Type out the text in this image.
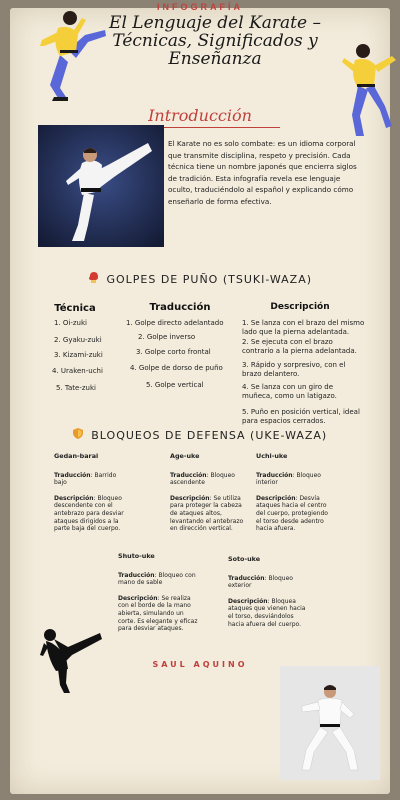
INFOGRAFÍA
El Lenguaje del Karate –
Técnicas, Significados y
Enseñanza
Introducción
El Karate no es solo combate: es un idioma corporal que transmite disciplina, respeto y precisión. Cada técnica tiene un nombre japonés que encierra siglos de tradición. Esta infografía revela ese lenguaje oculto, traduciéndolo al español y explicando cómo enseñarlo de forma efectiva.
GOLPES DE PUÑO (TSUKI-WAZA)
Técnica	Traducción	Descripción
1. Oi-zuki
2. Gyaku-zuki
3. Kizami-zuki
4. Uraken-uchi
5. Tate-zuki
1. Golpe directo adelantado
2. Golpe inverso
3. Golpe corto frontal
4. Golpe de dorso de puño
5. Golpe vertical
1. Se lanza con el brazo del mismo lado que la pierna adelantada.
2. Se ejecuta con el brazo contrario a la pierna adelantada.
3. Rápido y sorpresivo, con el brazo delantero.
4. Se lanza con un giro de muñeca, como un latigazo.
5. Puño en posición vertical, ideal para espacios cerrados.
BLOQUEOS DE DEFENSA (UKE-WAZA)
Gedan-barai

Traducción: Barrido bajo

Descripción: Bloqueo descendente con el antebrazo para desviar ataques dirigidos a la parte baja del cuerpo.

Age-uke

Traducción: Bloqueo ascendente

Descripción: Se utiliza para proteger la cabeza de ataques altos, levantando el antebrazo en dirección vertical.

Uchi-uke

Traducción: Bloqueo interior

Descripción: Desvía ataques hacia el centro del cuerpo, protegiendo el torso desde adentro hacia afuera.

Shuto-uke

Traducción: Bloqueo con mano de sable

Descripción: Se realiza con el borde de la mano abierta, simulando un corte. Es elegante y eficaz para desviar ataques.

Soto-uke

Traducción: Bloqueo exterior

Descripción: Bloquea ataques que vienen hacia el torso, desviándolos hacia afuera del cuerpo.

SAUL AQUINO
